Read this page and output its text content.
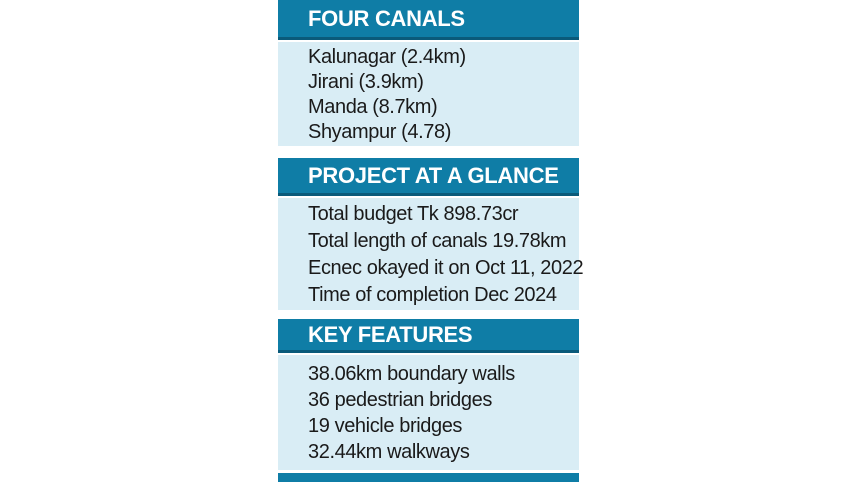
FOUR CANALS
Kalunagar (2.4km)
Jirani (3.9km)
Manda (8.7km)
Shyampur (4.78)
PROJECT AT A GLANCE
Total budget Tk 898.73cr
Total length of canals 19.78km
Ecnec okayed it on Oct 11, 2022
Time of completion Dec 2024
KEY FEATURES
38.06km boundary walls
36 pedestrian bridges
19 vehicle bridges
32.44km walkways
